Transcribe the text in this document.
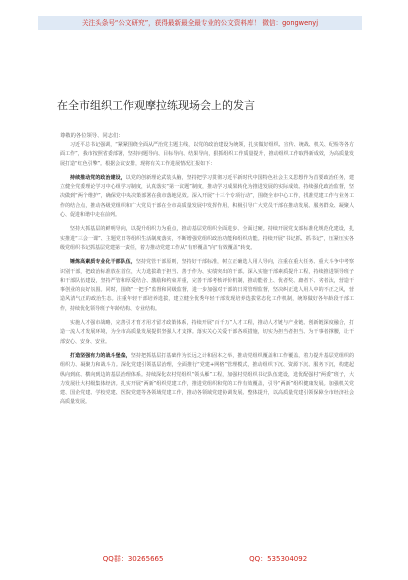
关注头条号“公文研究”，获得最新最全最专业的公文资料库！ 微信：gongwenyj
在全市组织工作观摩拉练现场会上的发言
尊敬的各位领导、同志们：

习近平总书记强调，“紧紧围绕全面从严治党主题主线，以党的政治建设为统领，扎实做好组织、宣传、统战、机关、纪检等各方面工作”，我市按照省委部署，坚持问题导向、目标导向、结果导向，狠抓组织工作质量提升，推动组织工作取得新成效，为高质量发展打造“红色引擎”。根据会议安排，现将有关工作进展情况汇报如下：

持续推动党的政治建设，以党的创新理论武装头脑，坚持把学习贯彻习近平新时代中国特色社会主义思想作为首要政治任务，建立健全党委理论学习中心组学习制度，认真落实“第一议题”制度，推动学习成果转化为推进发展的实际成效。持续强化政治监督，坚决做到“两个维护”，确保党中央决策部署在我市落地见效。深入开展“十三个专项行动”，围绕全市中心工作，找准党建工作与业务工作的结合点，推动各级党组织和广大党员干部在全市高质量发展中发挥作用，积极引导广大党员干部在推动发展、服务群众、凝聚人心、促进和谐中走在前列。

坚持大抓基层的鲜明导向，以提升组织力为重点，推动基层党组织全面进步、全面过硬。持续开展党支部标准化规范化建设，扎实推进“三会一课”、主题党日等组织生活制度落实，不断增强党组织政治功能和组织功能。持续开展“书记抓、抓书记”，压紧压实各级党组织书记抓基层党建第一责任，着力推动党建工作从“有形覆盖”向“有效覆盖”转变。

锤炼高素质专业化干部队伍，坚持党管干部原则，坚持好干部标准，树立正确选人用人导向，注重在重大任务、重大斗争中考察识别干部，把政治标准放在首位，大力选拔敢于担当、善于作为、实绩突出的干部。深入实施干部素质提升工程，持续推进领导班子和干部队伍建设，坚持严管和厚爱结合、激励和约束并重，完善干部考核评价机制，推动能者上、优者奖、庸者下、劣者汰，营造干事创业的良好氛围。同时，围绕“一把手”监督和同级监督，进一步加强对干部的日常管理监督，坚决纠正选人用人中的不正之风，营造风清气正的政治生态。注重年轻干部培养选拔，建立健全优秀年轻干部发现培养选拔常态化工作机制，统筹做好各年龄段干部工作，持续优化领导班子年龄结构、专业结构。

实施人才强市战略，完善引才育才用才留才政策体系，持续开展“百千万”人才工程，推动人才链与产业链、创新链深度融合，打造一流人才发展环境，为全市高质量发展提供坚强人才支撑。落实关心关爱干部各项措施，切实为担当者担当、为干事者撑腰，让干部安心、安身、安业。

打造坚强有力的战斗堡垒，坚持把抓基层打基础作为长远之计和固本之举，推动党组织覆盖和工作覆盖，着力提升基层党组织的组织力、凝聚力和战斗力。深化党建引领基层治理，全面推行“党建+网格”管理模式，推动组织下沉、资源下沉、服务下沉，构建起纵向到底、横向到边的基层治理体系。持续深化农村党组织“领头雁”工程，加强村党组织书记队伍建设，选优配强村“两委”班子，大力发展壮大村级集体经济。扎实开展“两新”组织党建工作，推进党组织和党的工作有效覆盖，引导“两新”组织健康发展。加强机关党建、国企党建、学校党建、医院党建等各领域党建工作，推动各领域党建协调发展、整体提升，以高质量党建引领保障全市经济社会高质量发展。

QQ群：30265665	QQ：535304092
